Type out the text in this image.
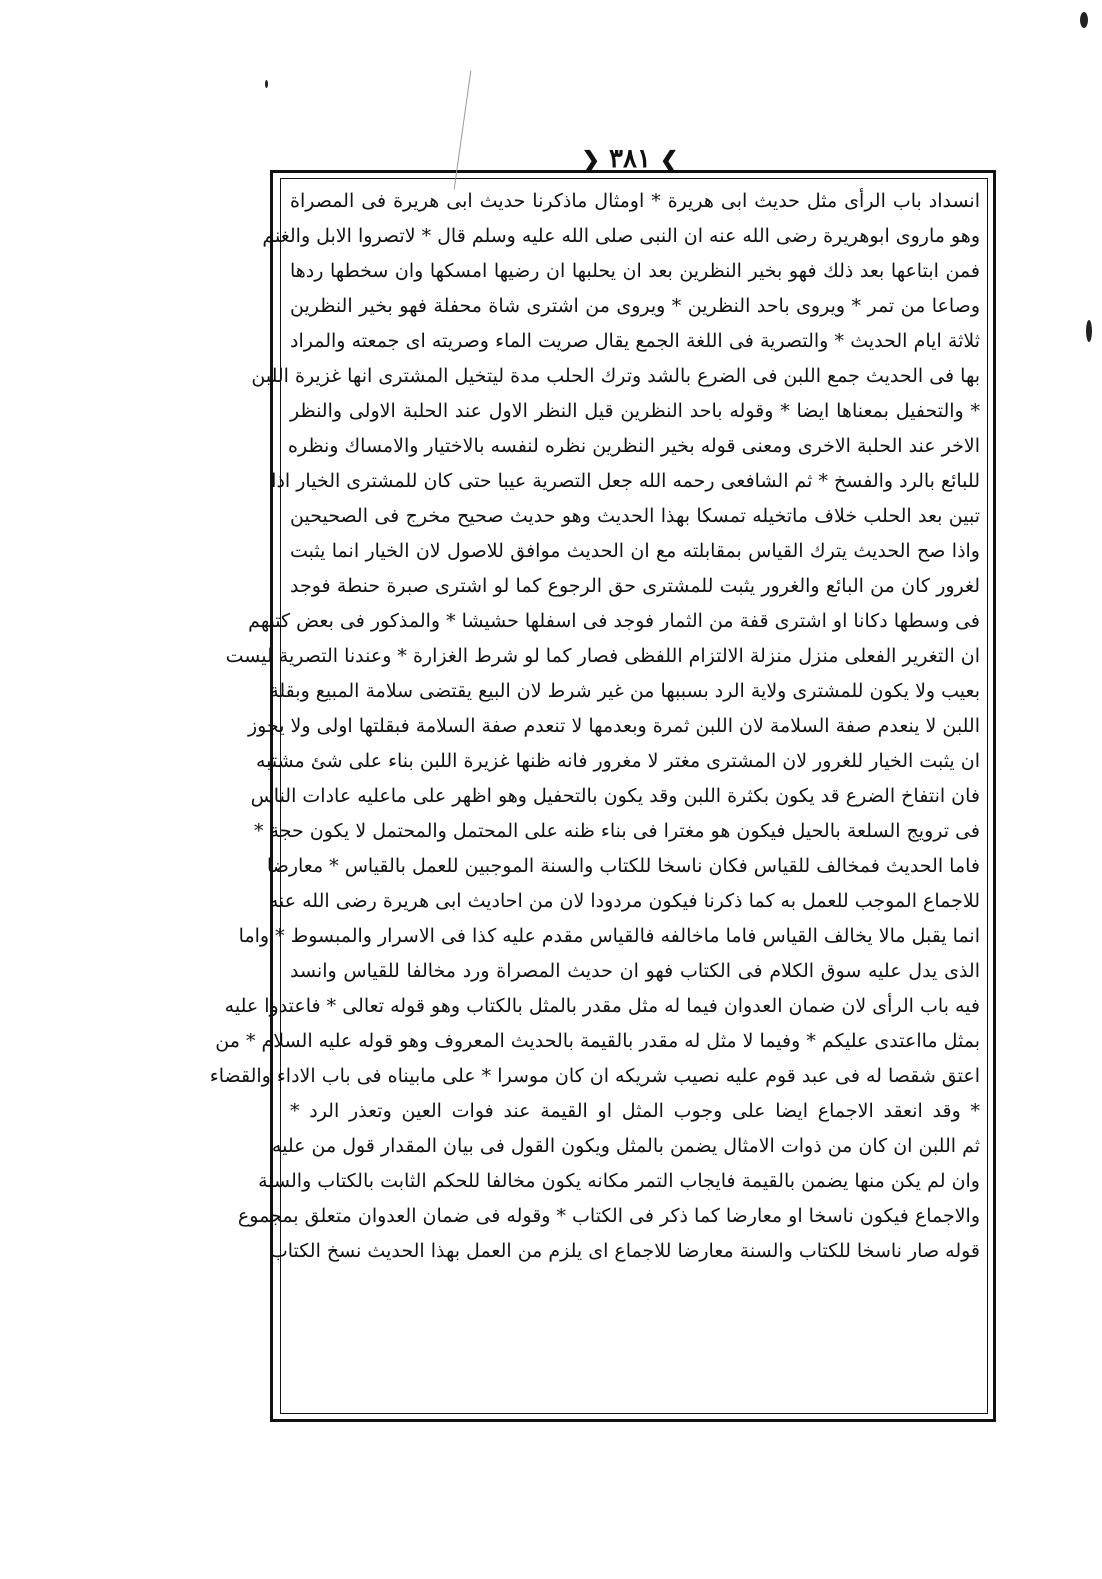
❯ ٣٨١ ❮
انسداد باب الرأى مثل حديث ابى هريرة * اومثال ماذكرنا حديث ابى هريرة فى المصراة
وهو ماروى ابوهريرة رضى الله عنه ان النبى صلى الله عليه وسلم قال * لاتصروا الابل والغنم
فمن ابتاعها بعد ذلك فهو بخير النظرين بعد ان يحلبها ان رضيها امسكها وان سخطها ردها
وصاعا من تمر * ويروى باحد النظرين * ويروى من اشترى شاة محفلة فهو بخير النظرين
ثلاثة ايام الحديث * والتصرية فى اللغة الجمع يقال صريت الماء وصريته اى جمعته والمراد
بها فى الحديث جمع اللبن فى الضرع بالشد وترك الحلب مدة ليتخيل المشترى انها غزيرة اللبن
* والتحفيل بمعناها ايضا * وقوله باحد النظرين قيل النظر الاول عند الحلبة الاولى والنظر
الاخر عند الحلبة الاخرى ومعنى قوله بخير النظرين نظره لنفسه بالاختيار والامساك ونظره
للبائع بالرد والفسخ * ثم الشافعى رحمه الله جعل التصرية عيبا حتى كان للمشترى الخيار اذا
تبين بعد الحلب خلاف ماتخيله تمسكا بهذا الحديث وهو حديث صحيح مخرج فى الصحيحين
واذا صح الحديث يترك القياس بمقابلته مع ان الحديث موافق للاصول لان الخيار انما يثبت
لغرور كان من البائع والغرور يثبت للمشترى حق الرجوع كما لو اشترى صبرة حنطة فوجد
فى وسطها دكانا او اشترى قفة من الثمار فوجد فى اسفلها حشيشا * والمذكور فى بعض كتبهم
ان التغرير الفعلى منزل منزلة الالتزام اللفظى فصار كما لو شرط الغزارة * وعندنا التصرية ليست
بعيب ولا يكون للمشترى ولاية الرد بسببها من غير شرط لان البيع يقتضى سلامة المبيع وبقلة
اللبن لا ينعدم صفة السلامة لان اللبن ثمرة وبعدمها لا تنعدم صفة السلامة فبقلتها اولى ولا يجوز
ان يثبت الخيار للغرور لان المشترى مغتر لا مغرور فانه ظنها غزيرة اللبن بناء على شئ مشتبه
فان انتفاخ الضرع قد يكون بكثرة اللبن وقد يكون بالتحفيل وهو اظهر على ماعليه عادات الناس
فى ترويج السلعة بالحيل فيكون هو مغترا فى بناء ظنه على المحتمل والمحتمل لا يكون حجة *
فاما الحديث فمخالف للقياس فكان ناسخا للكتاب والسنة الموجبين للعمل بالقياس * معارضا
للاجماع الموجب للعمل به كما ذكرنا فيكون مردودا لان من احاديث ابى هريرة رضى الله عنه
انما يقبل مالا يخالف القياس فاما ماخالفه فالقياس مقدم عليه كذا فى الاسرار والمبسوط * واما
الذى يدل عليه سوق الكلام فى الكتاب فهو ان حديث المصراة ورد مخالفا للقياس وانسد
فيه باب الرأى لان ضمان العدوان فيما له مثل مقدر بالمثل بالكتاب وهو قوله تعالى * فاعتدوا عليه
بمثل مااعتدى عليكم * وفيما لا مثل له مقدر بالقيمة بالحديث المعروف وهو قوله عليه السلام * من
اعتق شقصا له فى عبد قوم عليه نصيب شريكه ان كان موسرا * على مابيناه فى باب الاداء والقضاء
* وقد انعقد الاجماع ايضا على وجوب المثل او القيمة عند فوات العين وتعذر الرد *
ثم اللبن ان كان من ذوات الامثال يضمن بالمثل ويكون القول فى بيان المقدار قول من عليه
وان لم يكن منها يضمن بالقيمة فايجاب التمر مكانه يكون مخالفا للحكم الثابت بالكتاب والسنة
والاجماع فيكون ناسخا او معارضا كما ذكر فى الكتاب * وقوله فى ضمان العدوان متعلق بمجموع
قوله صار ناسخا للكتاب والسنة معارضا للاجماع اى يلزم من العمل بهذا الحديث نسخ الكتاب
